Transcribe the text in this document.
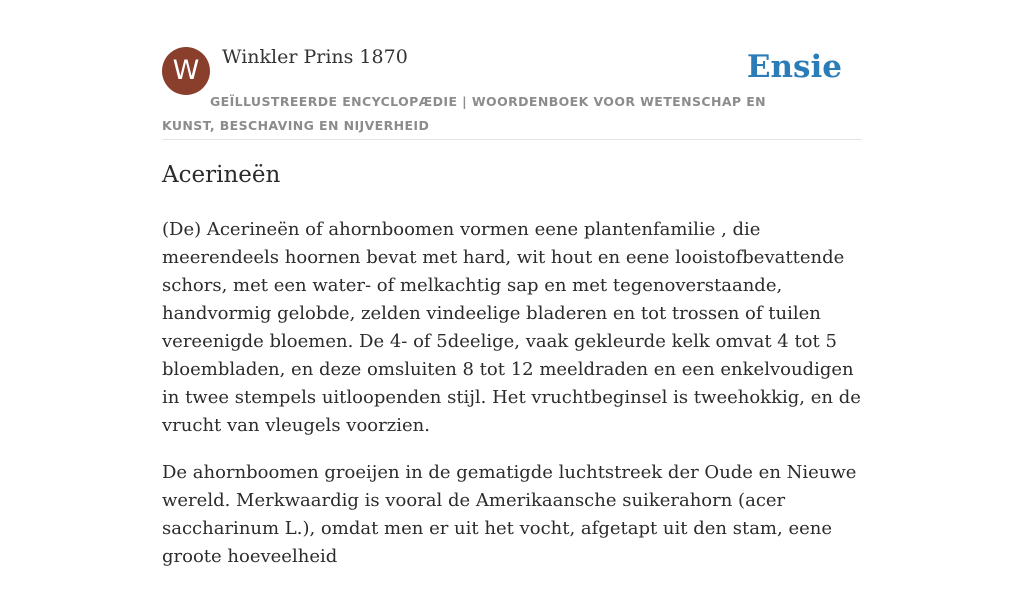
W	Winkler Prins 1870	Ensie
GEÏLLUSTREERDE ENCYCLOPÆDIE | WOORDENBOEK VOOR WETENSCHAP EN KUNST, BESCHAVING EN NIJVERHEID
Acerineën

(De) Acerineën of ahornboomen vormen eene plantenfamilie , die meerendeels hoornen bevat met hard, wit hout en eene looistofbevattende schors, met een water- of melkachtig sap en met tegenoverstaande, handvormig gelobde, zelden vindeelige bladeren en tot trossen of tuilen vereenigde bloemen. De 4- of 5deelige, vaak gekleurde kelk omvat 4 tot 5 bloembladen, en deze omsluiten 8 tot 12 meeldraden en een enkelvoudigen in twee stempels uitloopenden stijl. Het vruchtbeginsel is tweehokkig, en de vrucht van vleugels voorzien.

De ahornboomen groeijen in de gematigde luchtstreek der Oude en Nieuwe wereld. Merkwaardig is vooral de Amerikaansche suikerahorn (acer saccharinum L.), omdat men er uit het vocht, afgetapt uit den stam, eene groote hoeveelheid
